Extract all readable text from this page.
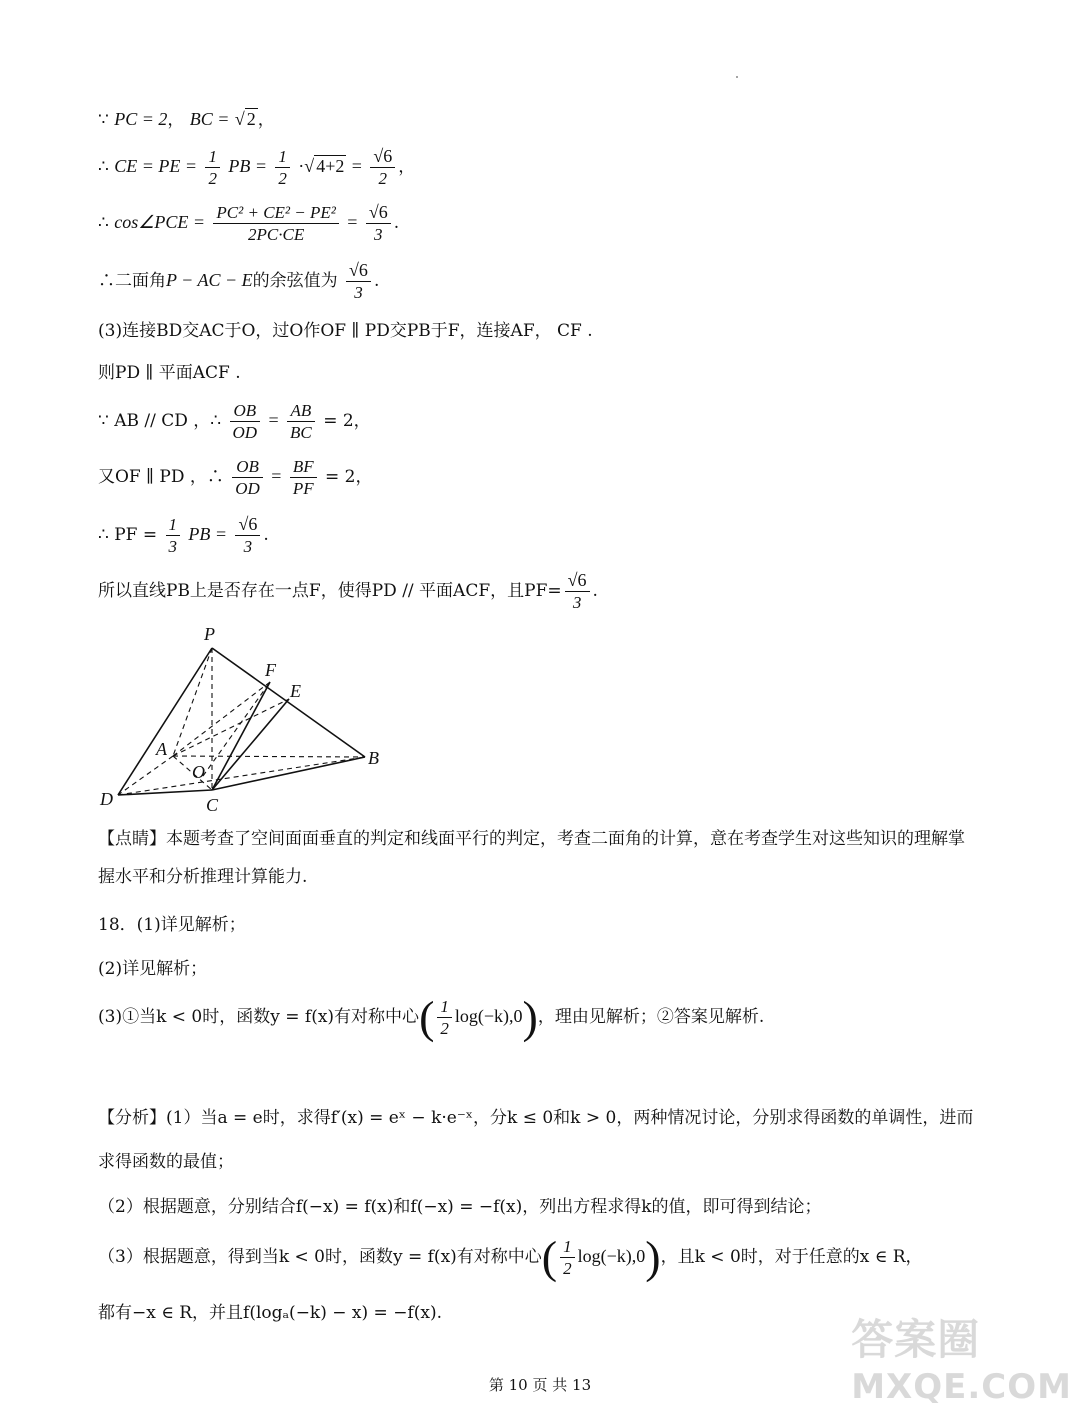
∵ PC = 2， BC = √ 2 ，
∴ CE = PE = $\frac{1}{2}$ PB = $\frac{1}{2}$ ·√ $4+2 = \frac{√6}{2}$ ，
∴ cos∠PCE = $\frac{\text{PC² + CE² − PE²}}{2PC\cdot CE} = \frac{√6}{3}$ .
∴二面角P − AC − E的余弦值为 $\frac{√6}{3}$ .
(3)连接BD交AC于O，过O作OF ∥ PD交PB于F，连接AF， CF .
则PD ∥ 平面ACF .
∵ AB // CD ，∴ $\frac{OB}{OD} = \frac{AB}{BC} = 2$，
又OF ∥ PD ，∴ $\frac{OB}{OD} = \frac{BF}{PF} = 2$，
∴ PF = $\frac{1}{3}$ PB = $\frac{√6}{3}$ .
所以直线PB上是否存在一点F，使得PD // 平面ACF，且$PF= \frac{√6}{3}$ .
P
F
E
A
O
B
D	C
【点睛】本题考查了空间面面垂直的判定和线面平行的判定，考查二面角的计算，意在考查学生对这些知识的理解掌握水平和分析推理计算能力.
18．(1)详见解析；
(2)详见解析；
(3)①当k < 0时，函数y = f(x)有对称中心( $\frac{1}{2} \log(-k),0$)，理由见解析；②答案见解析.
【分析】(1）当a = e时，求得f′(x) = eˣ − k·e⁻ˣ，分k ≤ 0和k > 0，两种情况讨论，分别求得函数的单调性，进而求得函数的最值；
（2）根据题意，分别结合f(−x) = f(x)和f(−x) = −f(x)，列出方程求得k的值，即可得到结论；
（3）根据题意，得到当k < 0时，函数y = f(x)有对称中心( $\frac{1}{2} \log(-k),0$)，且k < 0时，对于任意的x ∈ R，
都有−x ∈ R，并且f(logₐ(−k) − x) = −f(x).
第 10 页 共 13
答案圈
MXQE.COM
